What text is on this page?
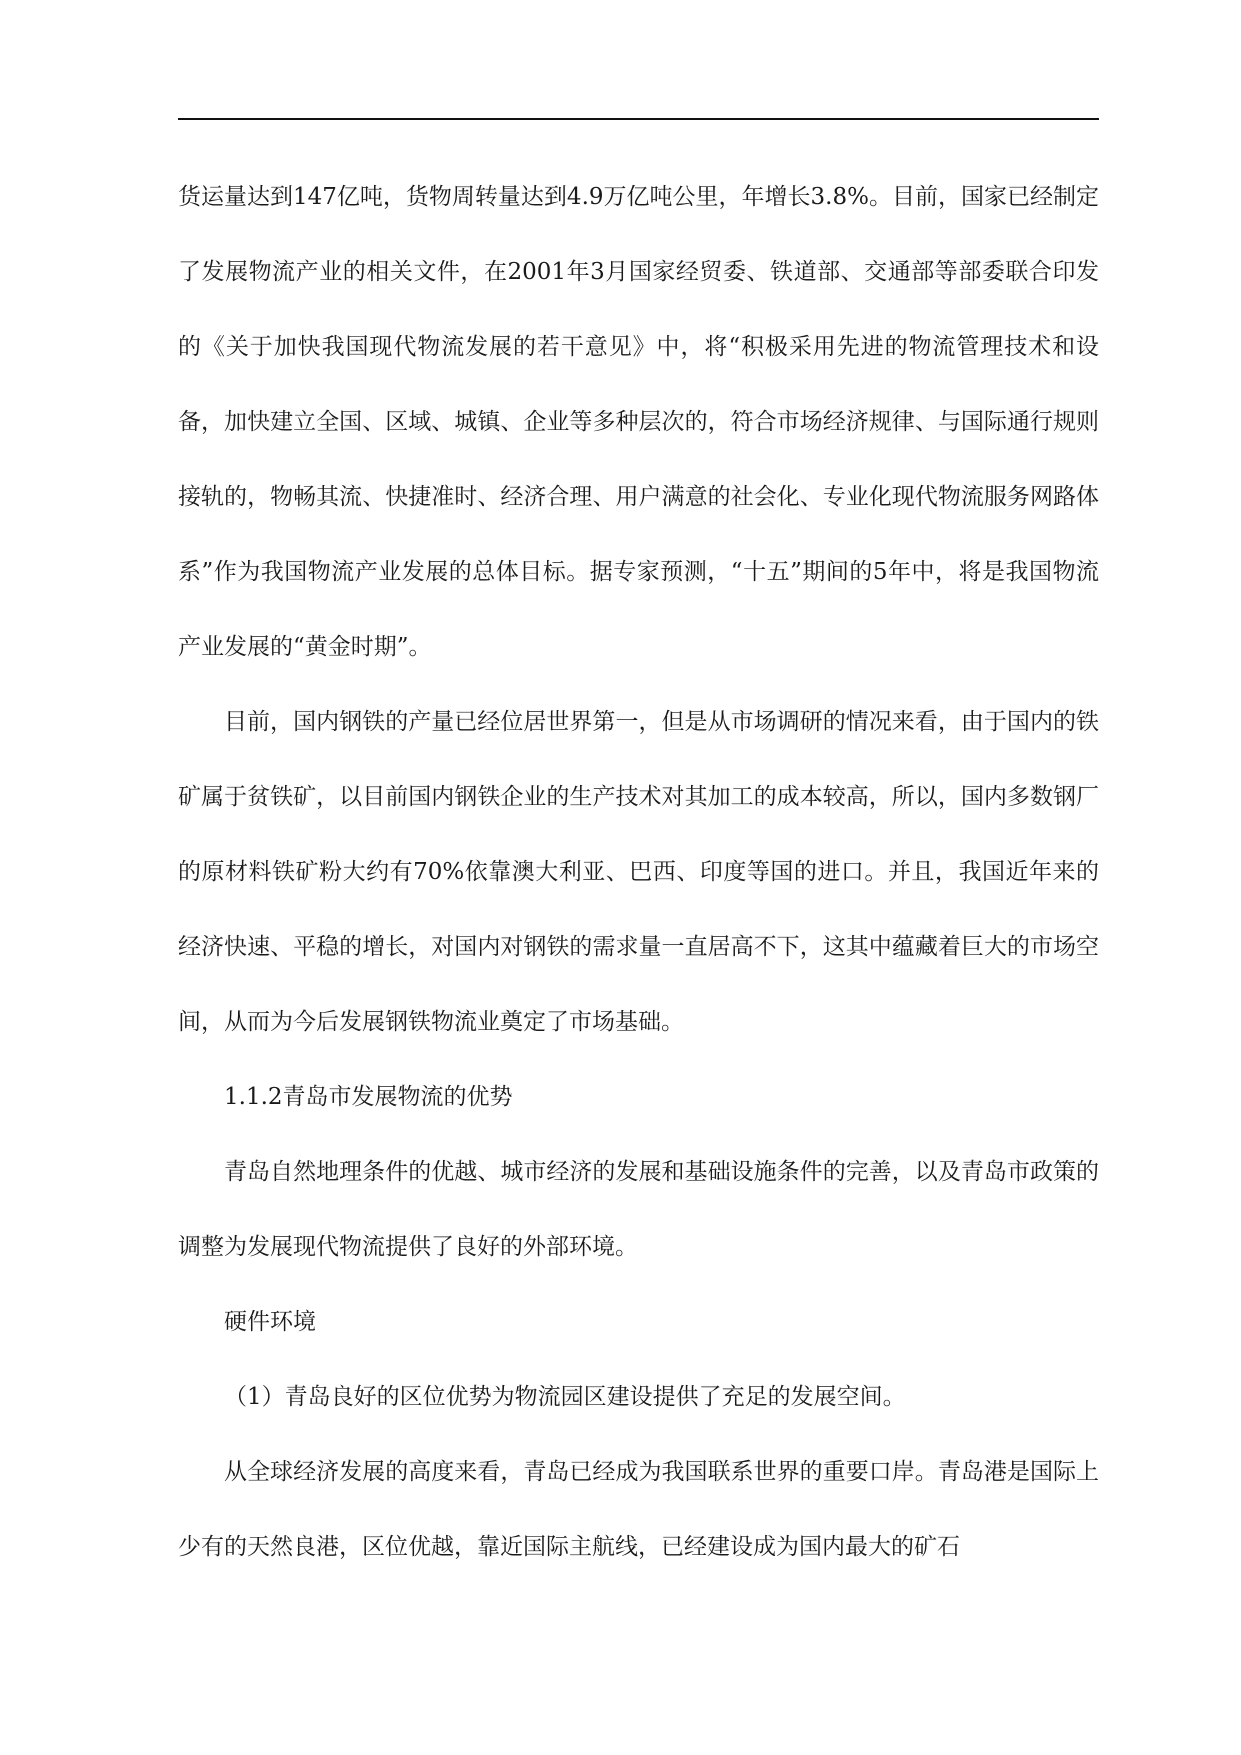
货运量达到147亿吨，货物周转量达到4.9万亿吨公里，年增长3.8%。目前，国家已经制定了发展物流产业的相关文件，在2001年3月国家经贸委、铁道部、交通部等部委联合印发的《关于加快我国现代物流发展的若干意见》中，将“积极采用先进的物流管理技术和设备，加快建立全国、区域、城镇、企业等多种层次的，符合市场经济规律、与国际通行规则接轨的，物畅其流、快捷准时、经济合理、用户满意的社会化、专业化现代物流服务网路体系”作为我国物流产业发展的总体目标。据专家预测，“十五”期间的5年中，将是我国物流产业发展的“黄金时期”。

目前，国内钢铁的产量已经位居世界第一，但是从市场调研的情况来看，由于国内的铁矿属于贫铁矿，以目前国内钢铁企业的生产技术对其加工的成本较高，所以，国内多数钢厂的原材料铁矿粉大约有70%依靠澳大利亚、巴西、印度等国的进口。并且，我国近年来的经济快速、平稳的增长，对国内对钢铁的需求量一直居高不下，这其中蕴藏着巨大的市场空间，从而为今后发展钢铁物流业奠定了市场基础。

1.1.2青岛市发展物流的优势

青岛自然地理条件的优越、城市经济的发展和基础设施条件的完善，以及青岛市政策的调整为发展现代物流提供了良好的外部环境。

硬件环境

（1）青岛良好的区位优势为物流园区建设提供了充足的发展空间。

从全球经济发展的高度来看，青岛已经成为我国联系世界的重要口岸。青岛港是国际上少有的天然良港，区位优越，靠近国际主航线，已经建设成为国内最大的矿石
